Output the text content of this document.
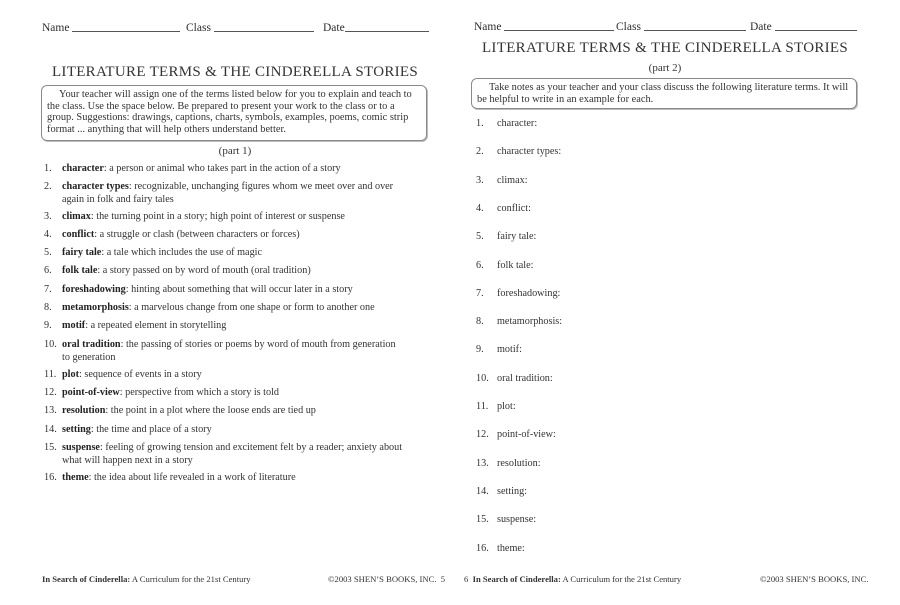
Name	Class	Date
LITERATURE TERMS & THE CINDERELLA STORIES
Your teacher will assign one of the terms listed below for you to explain and teach to the class. Use the space below. Be prepared to present your work to the class or to a group. Suggestions: drawings, captions, charts, symbols, examples, poems, comic strip format ... anything that will help others understand better.
(part 1)
1.	character: a person or animal who takes part in the action of a story
2.	character types: recognizable, unchanging figures whom we meet over and over again in folk and fairy tales
3.	climax: the turning point in a story; high point of interest or suspense
4.	conflict: a struggle or clash (between characters or forces)
5.	fairy tale: a tale which includes the use of magic
6.	folk tale: a story passed on by word of mouth (oral tradition)
7.	foreshadowing: hinting about something that will occur later in a story
8.	metamorphosis: a marvelous change from one shape or form to another one
9.	motif: a repeated element in storytelling
10. oral tradition: the passing of stories or poems by word of mouth from generation to generation
11. plot: sequence of events in a story
12. point-of-view: perspective from which a story is told
13. resolution: the point in a plot where the loose ends are tied up
14. setting: the time and place of a story
15. suspense: feeling of growing tension and excitement felt by a reader; anxiety about what will happen next in a story
16. theme: the idea about life revealed in a work of literature
In Search of Cinderella: A Curriculum for the 21st Century	©2003 SHEN’S BOOKS, INC. 5
Name	Class	Date
LITERATURE TERMS & THE CINDERELLA STORIES
(part 2)
Take notes as your teacher and your class discuss the following literature terms. It will be helpful to write in an example for each.
1.	character:
2.	character types:
3.	climax:
4.	conflict:
5.	fairy tale:
6.	folk tale:
7.	foreshadowing:
8.	metamorphosis:
9.	motif:
10. oral tradition:
11. plot:
12. point-of-view:
13. resolution:
14. setting:
15. suspense:
16. theme:
6 In Search of Cinderella: A Curriculum for the 21st Century	©2003 SHEN’S BOOKS, INC.
